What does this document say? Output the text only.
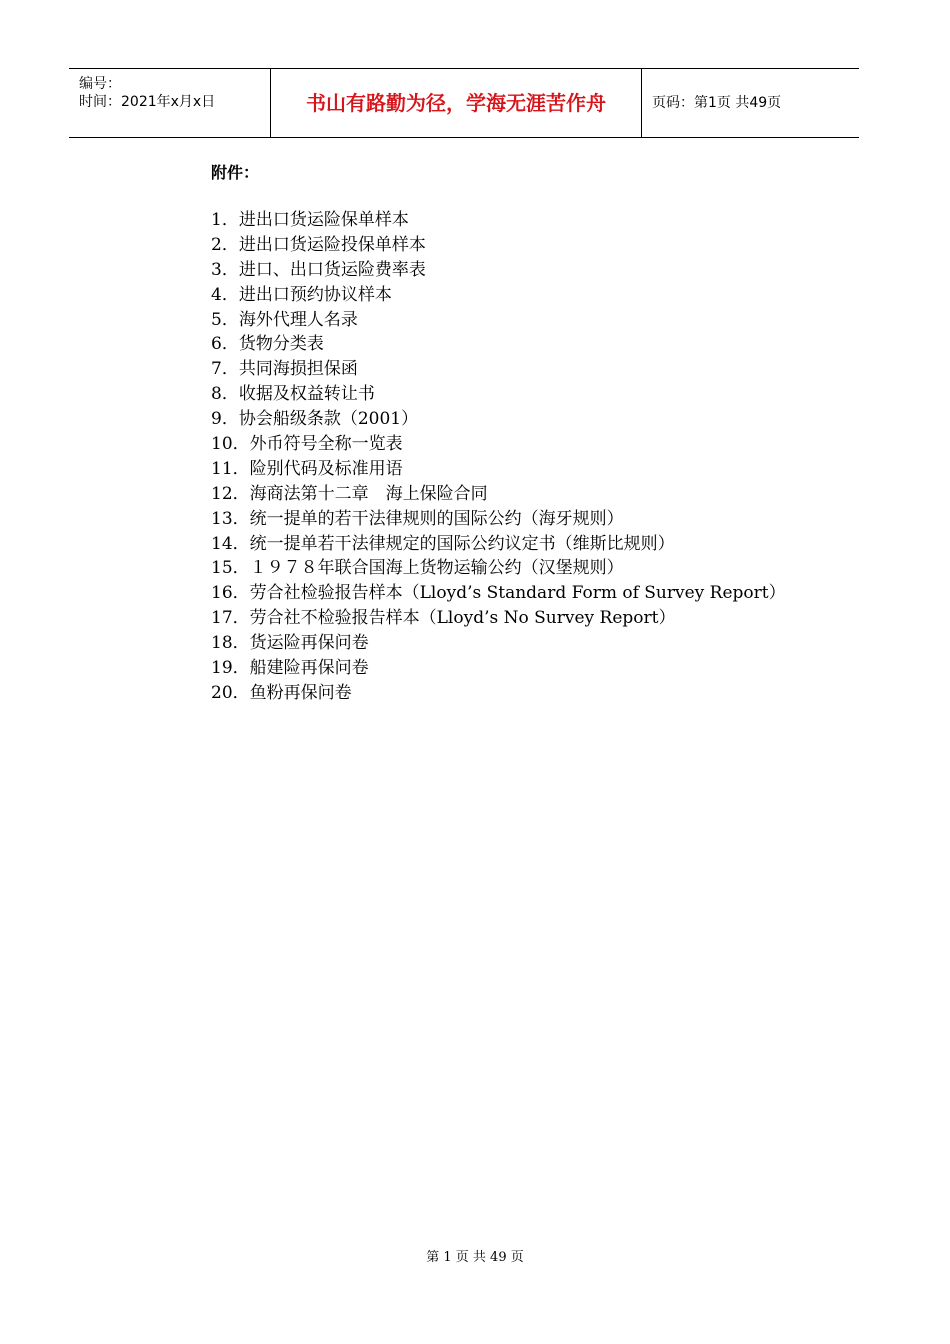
编号：
时间：2021年x月x日	书山有路勤为径，学海无涯苦作舟	页码：第1页 共49页
附件：
1．进出口货运险保单样本
2．进出口货运险投保单样本
3．进口、出口货运险费率表
4．进出口预约协议样本
5．海外代理人名录
6．货物分类表
7．共同海损担保函
8．收据及权益转让书
9．协会船级条款（2001）
10．外币符号全称一览表
11．险别代码及标准用语
12．海商法第十二章　海上保险合同
13．统一提单的若干法律规则的国际公约（海牙规则）
14．统一提单若干法律规定的国际公约议定书（维斯比规则）
15．１９７８年联合国海上货物运输公约（汉堡规则）
16．劳合社检验报告样本（Lloyd’s Standard Form of Survey Report）
17．劳合社不检验报告样本（Lloyd’s No Survey Report）
18．货运险再保问卷
19．船建险再保问卷
20．鱼粉再保问卷
第 1 页 共 49 页
